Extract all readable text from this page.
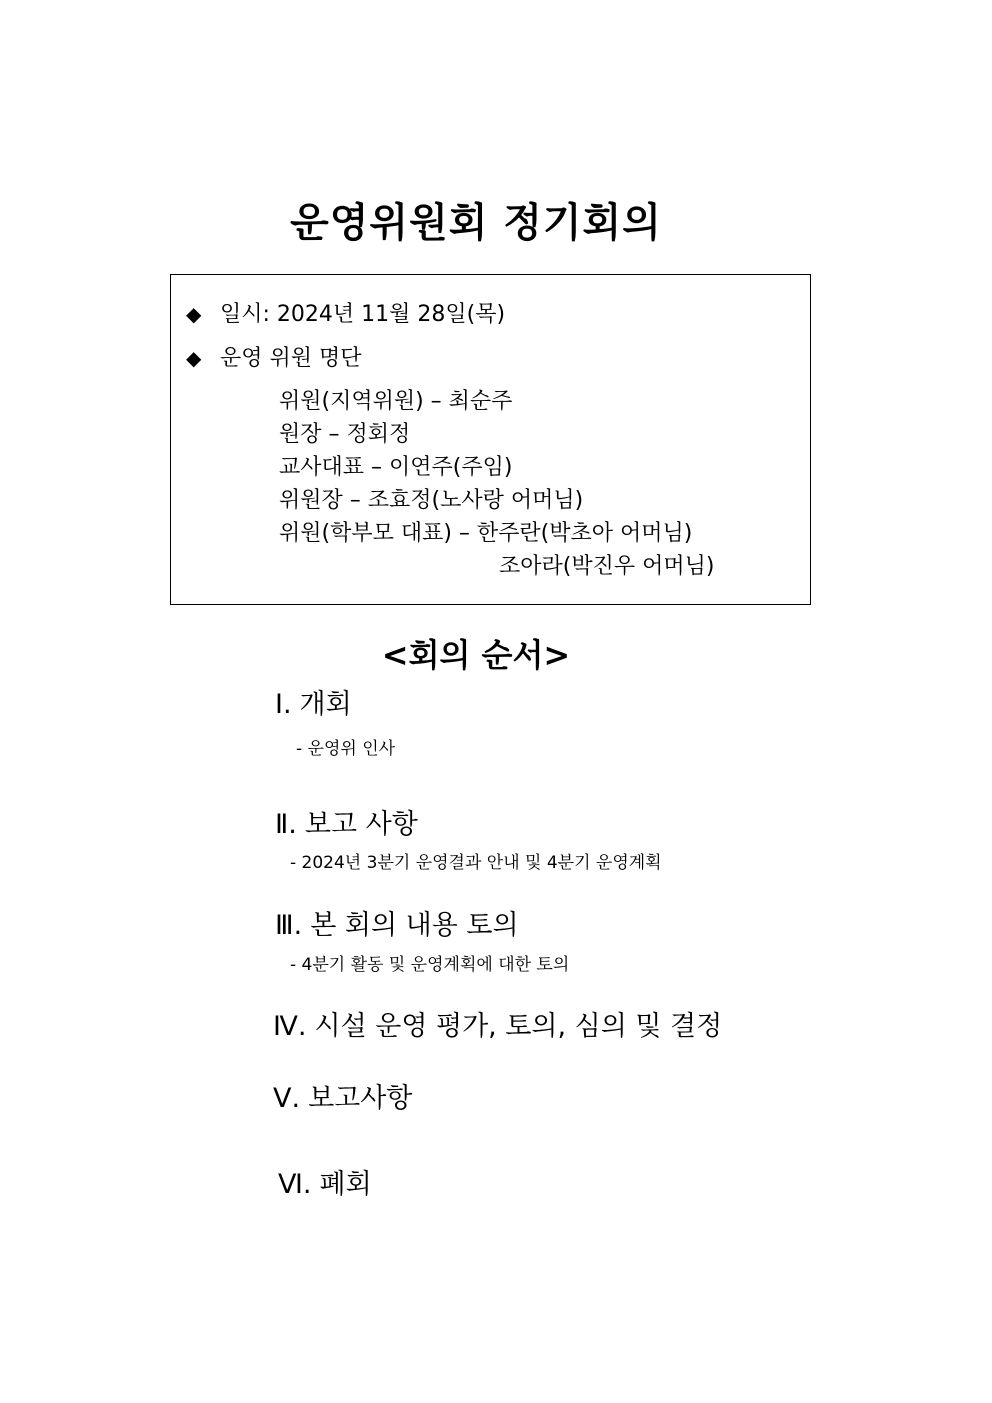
운영위원회 정기회의
◆ 일시: 2024년 11월 28일(목)
◆ 운영 위원 명단
위원(지역위원) – 최순주
원장 – 정회정
교사대표 – 이연주(주임)
위원장 – 조효정(노사랑 어머님)
위원(학부모 대표) – 한주란(박초아 어머님)
조아라(박진우 어머님)
<회의 순서>
Ⅰ. 개회
- 운영위 인사
Ⅱ. 보고 사항
- 2024년 3분기 운영결과 안내 및 4분기 운영계획
Ⅲ. 본 회의 내용 토의
- 4분기 활동 및 운영계획에 대한 토의
Ⅳ. 시설 운영 평가, 토의, 심의 및 결정
Ⅴ. 보고사항
Ⅵ. 폐회
